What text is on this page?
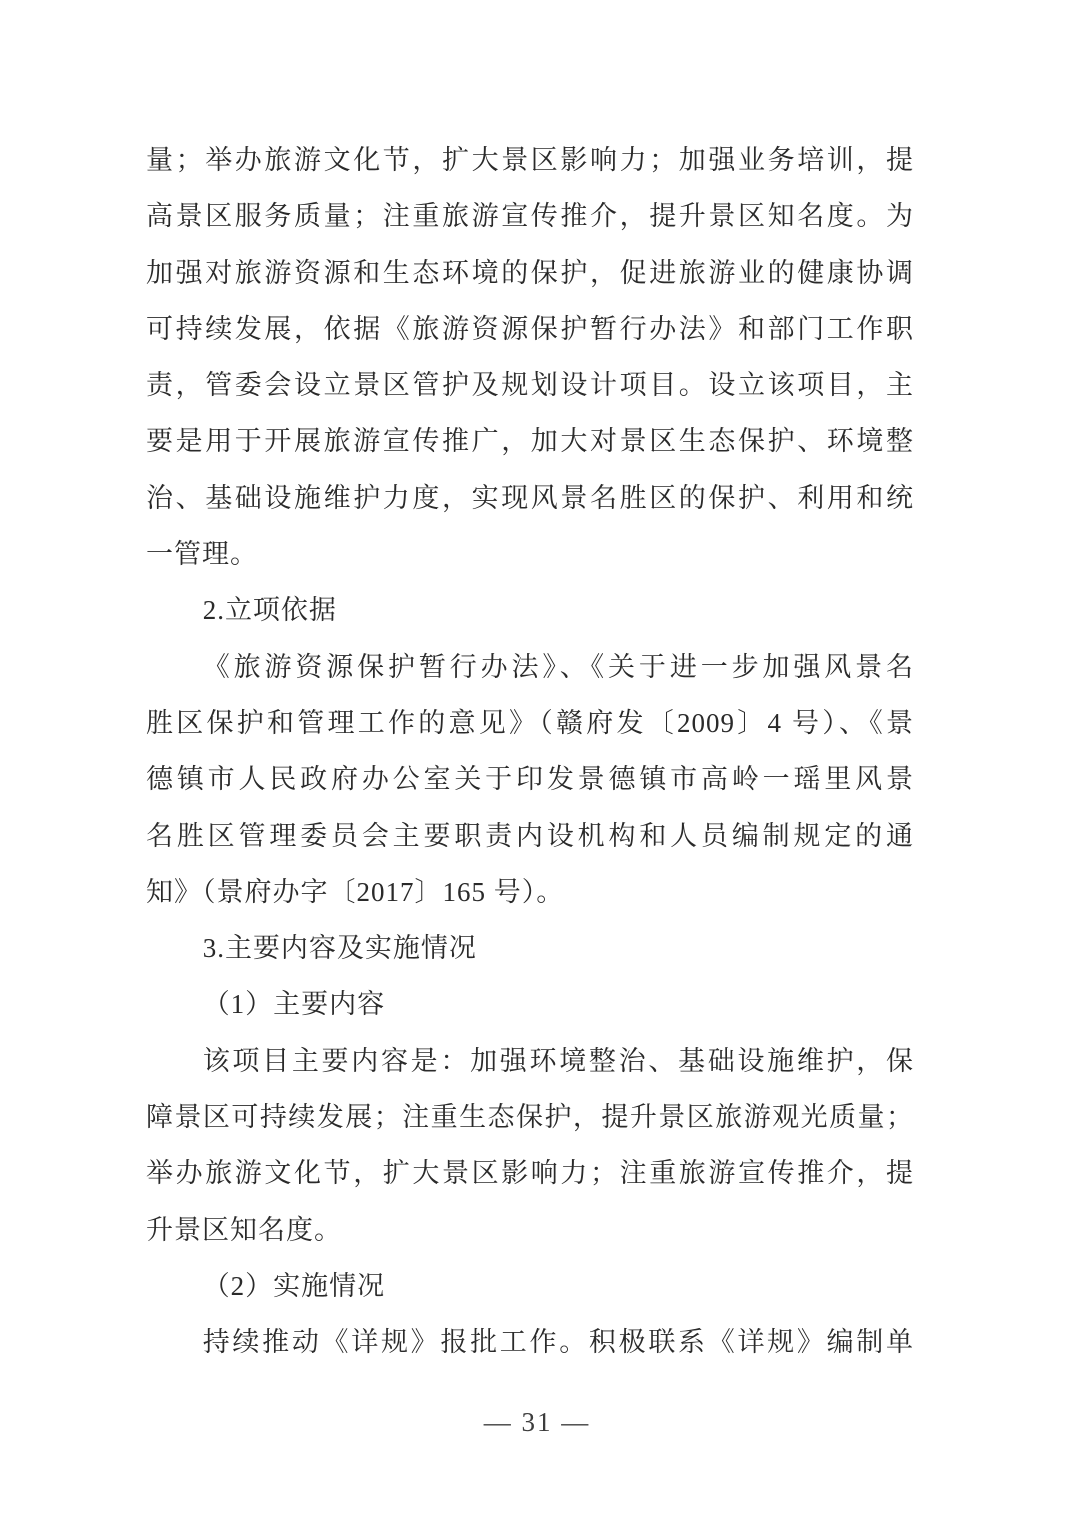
量；举办旅游文化节，扩大景区影响力；加强业务培训，提
高景区服务质量；注重旅游宣传推介，提升景区知名度。为
加强对旅游资源和生态环境的保护，促进旅游业的健康协调
可持续发展，依据《旅游资源保护暂行办法》和部门工作职
责，管委会设立景区管护及规划设计项目。设立该项目，主
要是用于开展旅游宣传推广，加大对景区生态保护、环境整
治、基础设施维护力度，实现风景名胜区的保护、利用和统
一管理。
2.立项依据
《旅游资源保护暂行办法》、《关于进一步加强风景名
胜区保护和管理工作的意见》（赣府发〔2009〕4 号）、《景
德镇市人民政府办公室关于印发景德镇市高岭一瑶里风景
名胜区管理委员会主要职责内设机构和人员编制规定的通
知》（景府办字〔2017〕165 号）。
3.主要内容及实施情况
（1）主要内容
该项目主要内容是：加强环境整治、基础设施维护，保
障景区可持续发展；注重生态保护，提升景区旅游观光质量；
举办旅游文化节，扩大景区影响力；注重旅游宣传推介，提
升景区知名度。
（2）实施情况
持续推动《详规》报批工作。积极联系《详规》编制单
— 31 —
